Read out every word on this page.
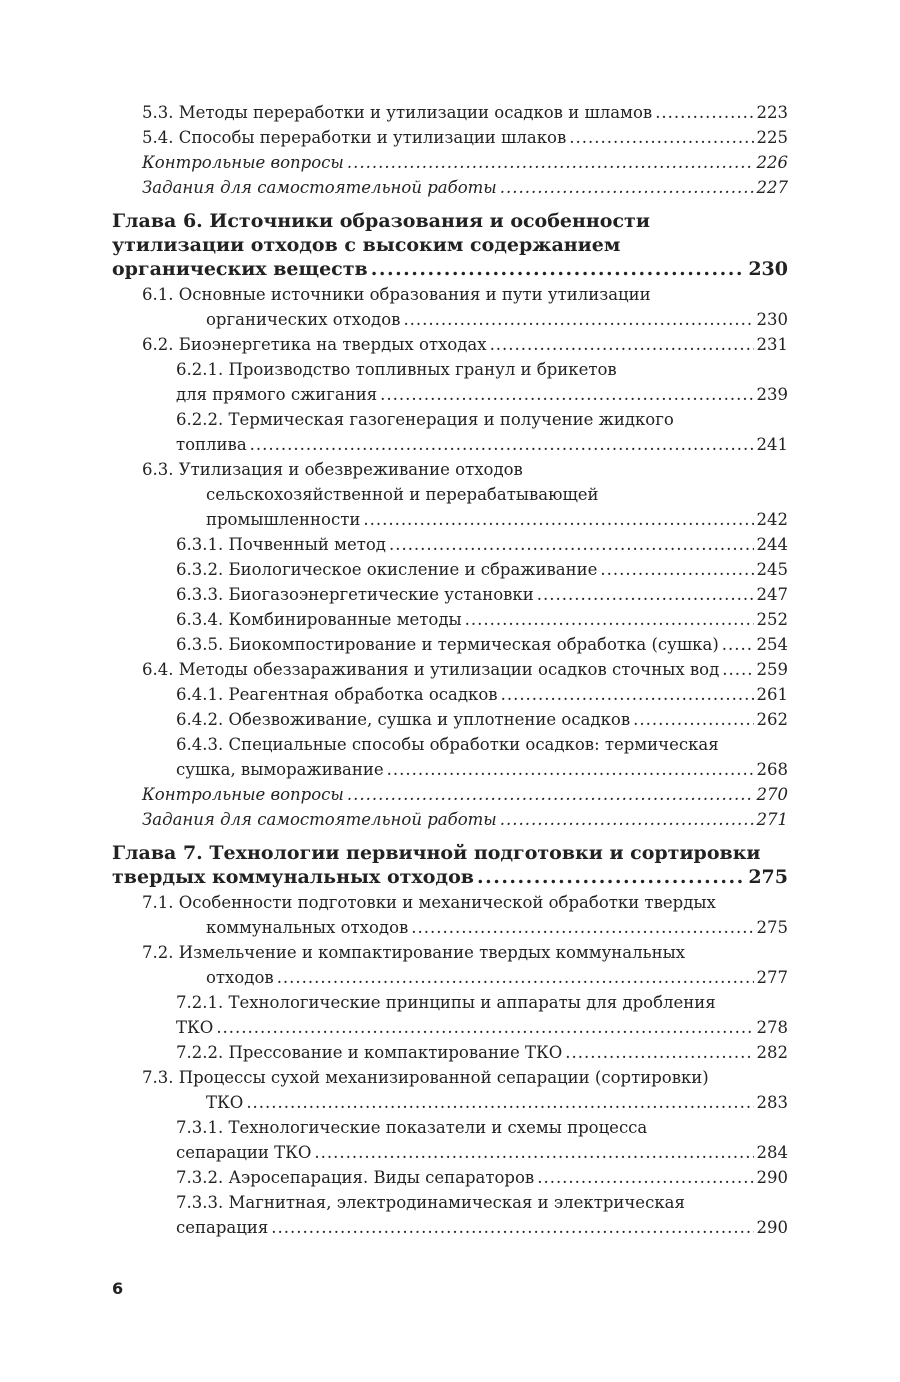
5.3. Методы переработки и утилизации осадков и шламов .....	223
5.4. Способы переработки и утилизации шлаков .....	225
Контрольные вопросы .....	226
Задания для самостоятельной работы .....	227
Глава 6. Источники образования и особенности
утилизации отходов с высоким содержанием
органических веществ .....	230
6.1. Основные источники образования и пути утилизации
органических отходов .....	230
6.2. Биоэнергетика на твердых отходах .....	231
6.2.1. Производство топливных гранул и брикетов
для прямого сжигания .....	239
6.2.2. Термическая газогенерация и получение жидкого
топлива .....	241
6.3. Утилизация и обезвреживание отходов
сельскохозяйственной и перерабатывающей
промышленности .....	242
6.3.1. Почвенный метод .....	244
6.3.2. Биологическое окисление и сбраживание .....	245
6.3.3. Биогазоэнергетические установки .....	247
6.3.4. Комбинированные методы .....	252
6.3.5. Биокомпостирование и термическая обработка (сушка) ..... 254
6.4. Методы обеззараживания и утилизации осадков сточных вод ..... 259
6.4.1. Реагентная обработка осадков .....	261
6.4.2. Обезвоживание, сушка и уплотнение осадков .....	262
6.4.3. Специальные способы обработки осадков: термическая
сушка, вымораживание .....	268
Контрольные вопросы .....	270
Задания для самостоятельной работы .....	271
Глава 7. Технологии первичной подготовки и сортировки
твердых коммунальных отходов .....	275
7.1. Особенности подготовки и механической обработки твердых
коммунальных отходов .....	275
7.2. Измельчение и компактирование твердых коммунальных
отходов .....	277
7.2.1. Технологические принципы и аппараты для дробления
ТКО .....	278
7.2.2. Прессование и компактирование ТКО .....	282
7.3. Процессы сухой механизированной сепарации (сортировки)
ТКО .....	283
7.3.1. Технологические показатели и схемы процесса
сепарации ТКО .....	284
7.3.2. Аэросепарация. Виды сепараторов .....	290
7.3.3. Магнитная, электродинамическая и электрическая
сепарация .....	290
6
